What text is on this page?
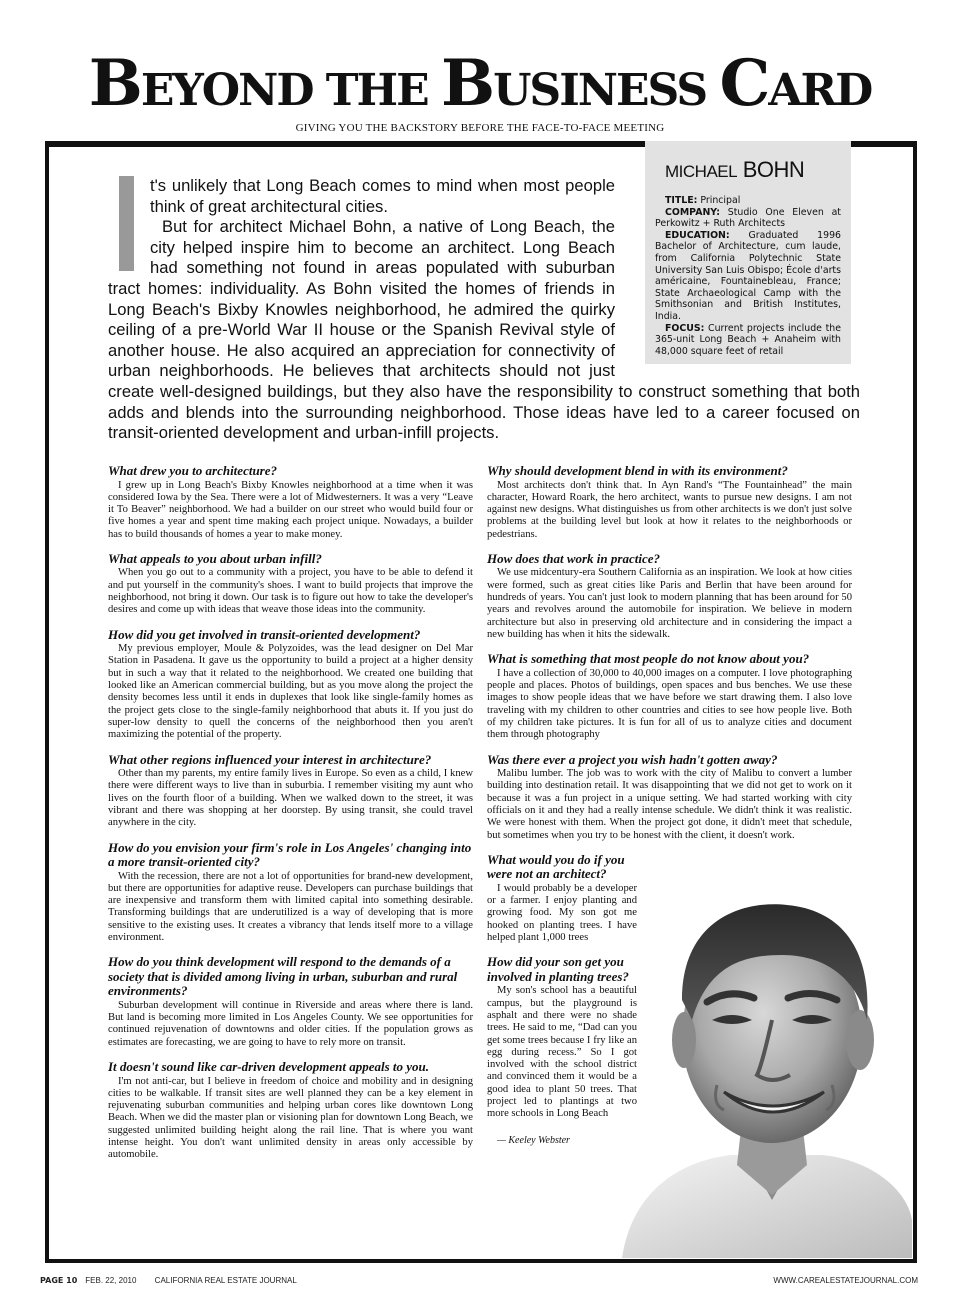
BEYOND THE BUSINESS CARD
GIVING YOU THE BACKSTORY BEFORE THE FACE-TO-FACE MEETING

t's unlikely that Long Beach comes to mind when most people think of great architectural cities.

But for architect Michael Bohn, a native of Long Beach, the city helped inspire him to become an architect. Long Beach had something not found in areas populated with suburban tract homes: individuality. As Bohn visited the homes of friends in Long Beach's Bixby Knowles neighborhood, he admired the quirky ceiling of a pre-World War II house or the Spanish Revival style of another house. He also acquired an appreciation for connectivity of urban neighborhoods. He believes that architects should not just create well-designed buildings, but they also have the responsibility to construct something that both adds and blends into the surrounding neighborhood. Those ideas have led to a career focused on transit-oriented development and urban-infill projects.

MICHAEL BOHN

TITLE: Principal

COMPANY: Studio One Eleven at Perkowitz + Ruth Architects

EDUCATION: Graduated 1996 Bachelor of Architecture, cum laude, from California Polytechnic State University San Luis Obispo; École d'arts américaine, Fountainebleau, France; State Archaeological Camp with the Smithsonian and British Institutes, India.

FOCUS: Current projects include the 365-unit Long Beach + Anaheim with 48,000 square feet of retail

What drew you to architecture?

I grew up in Long Beach's Bixby Knowles neighborhood at a time when it was considered Iowa by the Sea. There were a lot of Midwesterners. It was a very “Leave it To Beaver” neighborhood. We had a builder on our street who would build four or five homes a year and spent time making each project unique. Nowadays, a builder has to build thousands of homes a year to make money.

What appeals to you about urban infill?

When you go out to a community with a project, you have to be able to defend it and put yourself in the community's shoes. I want to build projects that improve the neighborhood, not bring it down. Our task is to figure out how to take the developer's desires and come up with ideas that weave those ideas into the community.

How did you get involved in transit-oriented development?

My previous employer, Moule & Polyzoides, was the lead designer on Del Mar Station in Pasadena. It gave us the opportunity to build a project at a higher density but in such a way that it related to the neighborhood. We created one building that looked like an American commercial building, but as you move along the project the density becomes less until it ends in duplexes that look like single-family homes as the project gets close to the single-family neighborhood that abuts it. If you just do super-low density to quell the concerns of the neighborhood then you aren't maximizing the potential of the property.

What other regions influenced your interest in architecture?

Other than my parents, my entire family lives in Europe. So even as a child, I knew there were different ways to live than in suburbia. I remember visiting my aunt who lives on the fourth floor of a building. When we walked down to the street, it was vibrant and there was shopping at her doorstep. By using transit, she could travel anywhere in the city.

How do you envision your firm's role in Los Angeles' changing into a more transit-oriented city?

With the recession, there are not a lot of opportunities for brand-new development, but there are opportunities for adaptive reuse. Developers can purchase buildings that are inexpensive and transform them with limited capital into something desirable. Transforming buildings that are underutilized is a way of developing that is more sensitive to the existing uses. It creates a vibrancy that lends itself more to a village environment.

How do you think development will respond to the demands of a society that is divided among living in urban, suburban and rural environments?

Suburban development will continue in Riverside and areas where there is land. But land is becoming more limited in Los Angeles County. We see opportunities for continued rejuvenation of downtowns and older cities. If the population grows as estimates are forecasting, we are going to have to rely more on transit.

It doesn't sound like car-driven development appeals to you.

I'm not anti-car, but I believe in freedom of choice and mobility and in designing cities to be walkable. If transit sites are well planned they can be a key element in rejuvenating suburban communities and helping urban cores like downtown Long Beach. When we did the master plan or visioning plan for downtown Long Beach, we suggested unlimited building height along the rail line. That is where you want intense height. You don't want unlimited density in areas only accessible by automobile.

Why should development blend in with its environment?

Most architects don't think that. In Ayn Rand's “The Fountainhead” the main character, Howard Roark, the hero architect, wants to pursue new designs. I am not against new designs. What distinguishes us from other architects is we don't just solve problems at the building level but look at how it relates to the neighborhoods or pedestrians.

How does that work in practice?

We use midcentury-era Southern California as an inspiration. We look at how cities were formed, such as great cities like Paris and Berlin that have been around for hundreds of years. You can't just look to modern planning that has been around for 50 years and revolves around the automobile for inspiration. We believe in modern architecture but also in preserving old architecture and in considering the impact a new building has when it hits the sidewalk.

What is something that most people do not know about you?

I have a collection of 30,000 to 40,000 images on a computer. I love photographing people and places. Photos of buildings, open spaces and bus benches. We use these images to show people ideas that we have before we start drawing them. I also love traveling with my children to other countries and cities to see how people live. Both of my children take pictures. It is fun for all of us to analyze cities and document them through photography

Was there ever a project you wish hadn't gotten away?

Malibu lumber. The job was to work with the city of Malibu to convert a lumber building into destination retail. It was disappointing that we did not get to work on it because it was a fun project in a unique setting. We had started working with city officials on it and they had a really intense schedule. We didn't think it was realistic. We were honest with them. When the project got done, it didn't meet that schedule, but sometimes when you try to be honest with the client, it doesn't work.

What would you do if you were not an architect?

I would probably be a developer or a farmer. I enjoy planting and growing food. My son got me hooked on planting trees. I have helped plant 1,000 trees

How did your son get you involved in planting trees?

My son's school has a beautiful campus, but the playground is asphalt and there were no shade trees. He said to me, “Dad can you get some trees because I fry like an egg during recess.” So I got involved with the school district and convinced them it would be a good idea to plant 50 trees. That project led to plantings at two more schools in Long Beach

— Keeley Webster
PAGE 10 FEB. 22, 2010 CALIFORNIA REAL ESTATE JOURNAL	WWW.CAREALESTATEJOURNAL.COM
